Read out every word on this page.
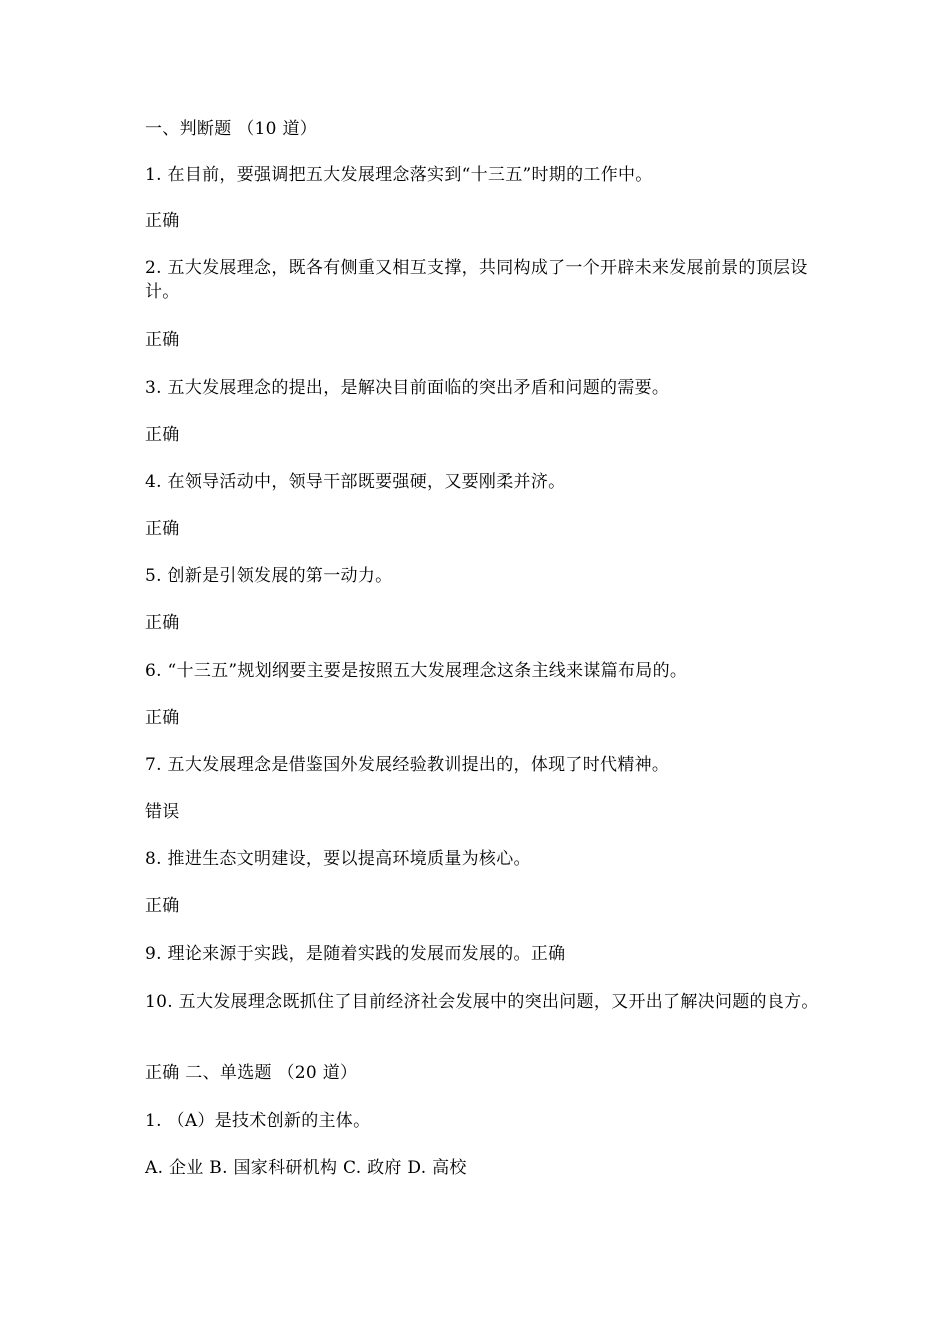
一、判断题 （10 道）
1. 在目前，要强调把五大发展理念落实到“十三五”时期的工作中。
正确
2. 五大发展理念，既各有侧重又相互支撑，共同构成了一个开辟未来发展前景的顶层设计。
正确
3. 五大发展理念的提出，是解决目前面临的突出矛盾和问题的需要。
正确
4. 在领导活动中，领导干部既要强硬，又要刚柔并济。
正确
5. 创新是引领发展的第一动力。
正确
6. “十三五”规划纲要主要是按照五大发展理念这条主线来谋篇布局的。
正确
7. 五大发展理念是借鉴国外发展经验教训提出的，体现了时代精神。
错误
8. 推进生态文明建设，要以提高环境质量为核心。
正确
9. 理论来源于实践，是随着实践的发展而发展的。正确
10. 五大发展理念既抓住了目前经济社会发展中的突出问题，又开出了解决问题的良方。
正确 二、单选题 （20 道）
1. （A）是技术创新的主体。
A. 企业 B. 国家科研机构 C. 政府 D. 高校
